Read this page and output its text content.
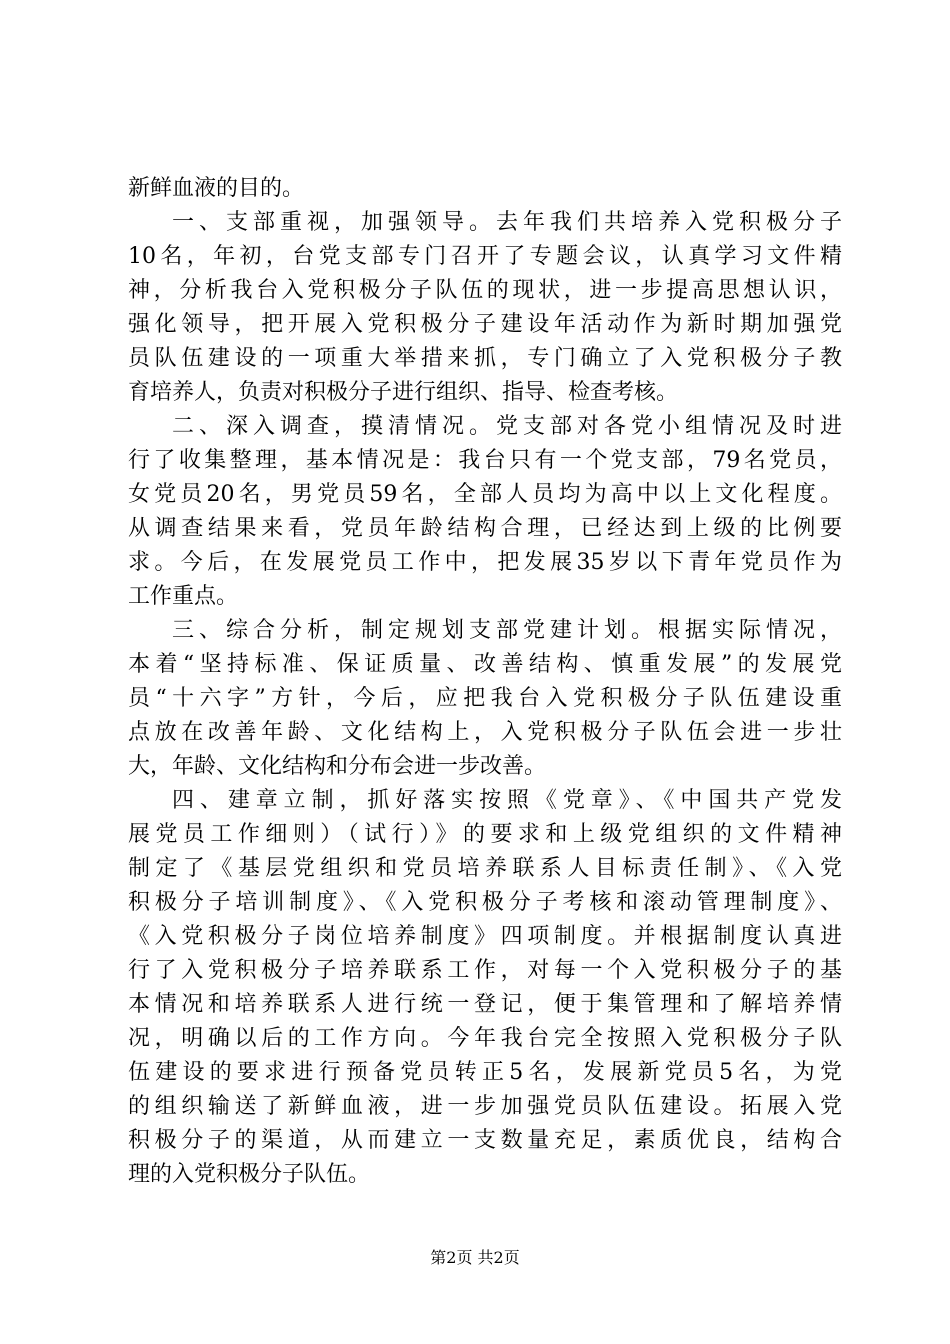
新鲜血液的目的。
一、支部重视，加强领导。去年我们共培养入党积极分子
10名，年初，台党支部专门召开了专题会议，认真学习文件精
神，分析我台入党积极分子队伍的现状，进一步提高思想认识，
强化领导，把开展入党积极分子建设年活动作为新时期加强党
员队伍建设的一项重大举措来抓，专门确立了入党积极分子教
育培养人，负责对积极分子进行组织、指导、检查考核。
二、深入调查，摸清情况。党支部对各党小组情况及时进
行了收集整理，基本情况是：我台只有一个党支部，79名党员，
女党员20名，男党员59名，全部人员均为高中以上文化程度。
从调查结果来看，党员年龄结构合理，已经达到上级的比例要
求。今后，在发展党员工作中，把发展35岁以下青年党员作为
工作重点。
三、综合分析，制定规划支部党建计划。根据实际情况，
本着“坚持标准、保证质量、改善结构、慎重发展”的发展党
员“十六字”方针，今后，应把我台入党积极分子队伍建设重
点放在改善年龄、文化结构上，入党积极分子队伍会进一步壮
大，年龄、文化结构和分布会进一步改善。
四、建章立制，抓好落实按照《党章》、《中国共产党发
展党员工作细则）（试行）》的要求和上级党组织的文件精神
制定了《基层党组织和党员培养联系人目标责任制》、《入党
积极分子培训制度》、《入党积极分子考核和滚动管理制度》、
《入党积极分子岗位培养制度》四项制度。并根据制度认真进
行了入党积极分子培养联系工作，对每一个入党积极分子的基
本情况和培养联系人进行统一登记，便于集管理和了解培养情
况，明确以后的工作方向。今年我台完全按照入党积极分子队
伍建设的要求进行预备党员转正5名，发展新党员5名，为党
的组织输送了新鲜血液，进一步加强党员队伍建设。拓展入党
积极分子的渠道，从而建立一支数量充足，素质优良，结构合
理的入党积极分子队伍。
第2页 共2页
